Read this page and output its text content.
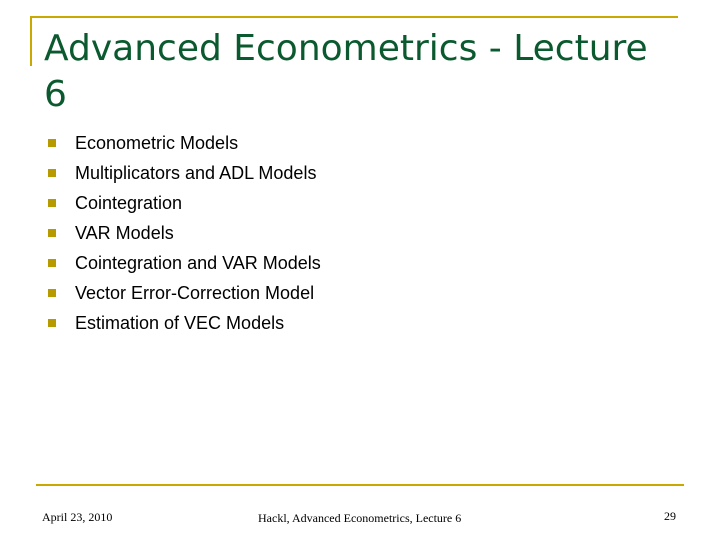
Advanced Econometrics - Lecture 6
Econometric Models
Multiplicators and ADL Models
Cointegration
VAR Models
Cointegration and VAR Models
Vector Error-Correction Model
Estimation of VEC Models
April 23, 2010	Hackl, Advanced Econometrics, Lecture 6	29
